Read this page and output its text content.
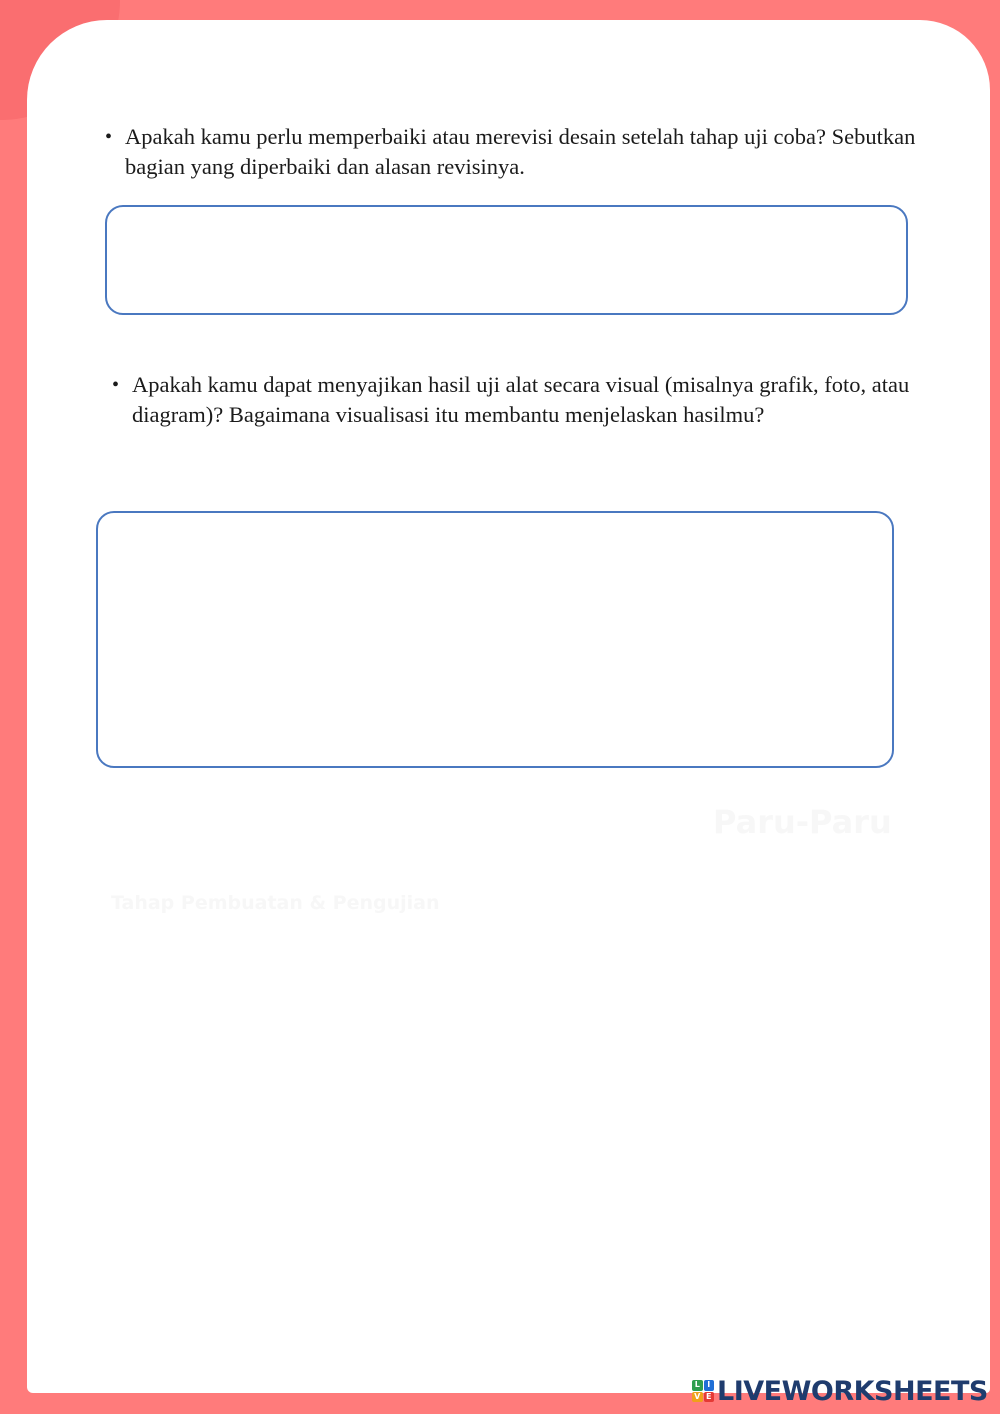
• Apakah kamu perlu memperbaiki atau merevisi desain setelah tahap uji coba? Sebutkan bagian yang diperbaiki dan alasan revisinya.
• Apakah kamu dapat menyajikan hasil uji alat secara visual (misalnya grafik, foto, atau diagram)? Bagaimana visualisasi itu membantu menjelaskan hasilmu?
Paru-Paru
Tahap Pembuatan & Pengujian
L I
V E LIVEWORKSHEETS
